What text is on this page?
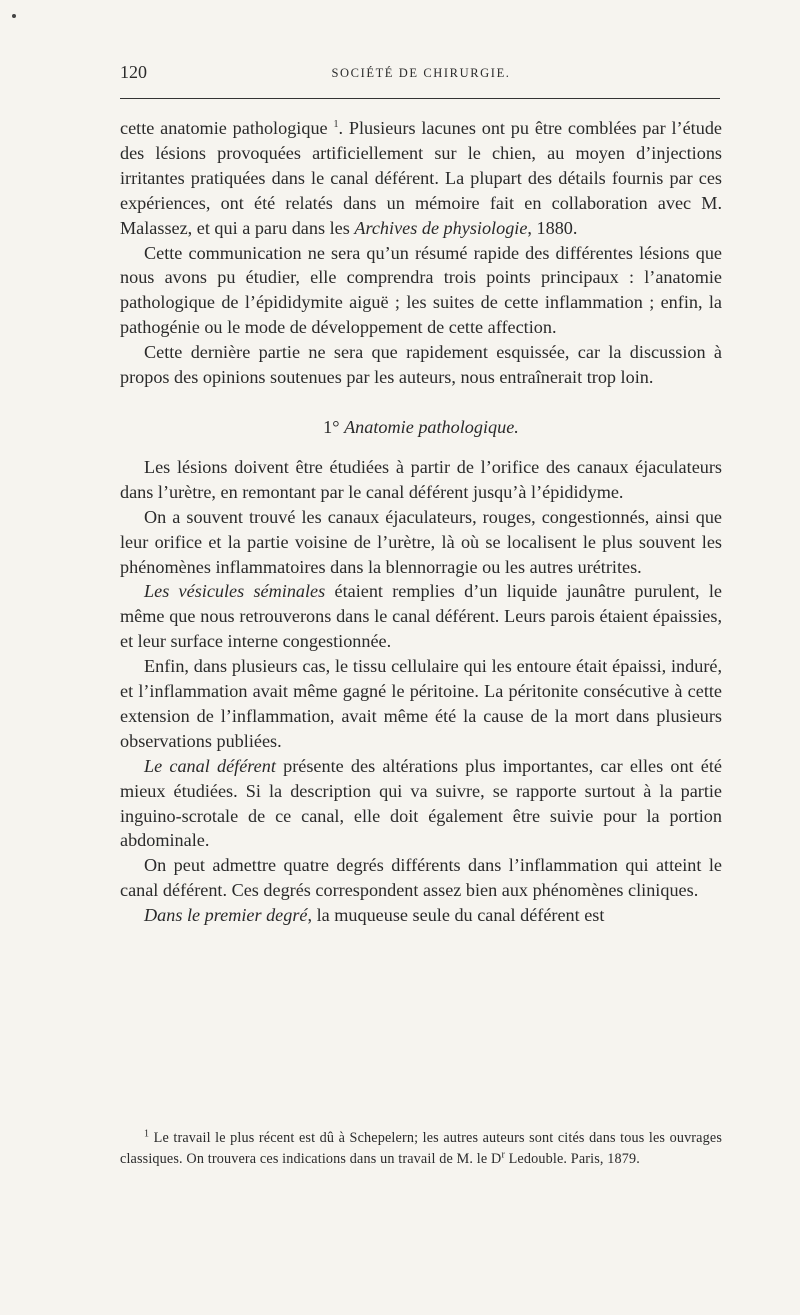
120	SOCIÉTÉ DE CHIRURGIE.

cette anatomie pathologique $^1$. Plusieurs lacunes ont pu être comblées par l’étude des lésions provoquées artificiellement sur le chien, au moyen d’injections irritantes pratiquées dans le canal déférent. La plupart des détails fournis par ces expériences, ont été relatés dans un mémoire fait en collaboration avec M. Malassez, et qui a paru dans les Archives de physiologie, 1880.

Cette communication ne sera qu’un résumé rapide des différentes lésions que nous avons pu étudier, elle comprendra trois points principaux : l’anatomie pathologique de l’épididymite aiguë ; les suites de cette inflammation ; enfin, la pathogénie ou le mode de développement de cette affection.

Cette dernière partie ne sera que rapidement esquissée, car la discussion à propos des opinions soutenues par les auteurs, nous entraînerait trop loin.

1° Anatomie pathologique.

Les lésions doivent être étudiées à partir de l’orifice des canaux éjaculateurs dans l’urètre, en remontant par le canal déférent jusqu’à l’épididyme.

On a souvent trouvé les canaux éjaculateurs, rouges, congestionnés, ainsi que leur orifice et la partie voisine de l’urètre, là où se localisent le plus souvent les phénomènes inflammatoires dans la blennorragie ou les autres urétrites.

Les vésicules séminales étaient remplies d’un liquide jaunâtre purulent, le même que nous retrouverons dans le canal déférent. Leurs parois étaient épaissies, et leur surface interne congestionnée.

Enfin, dans plusieurs cas, le tissu cellulaire qui les entoure était épaissi, induré, et l’inflammation avait même gagné le péritoine. La péritonite consécutive à cette extension de l’inflammation, avait même été la cause de la mort dans plusieurs observations publiées.

Le canal déférent présente des altérations plus importantes, car elles ont été mieux étudiées. Si la description qui va suivre, se rapporte surtout à la partie inguino-scrotale de ce canal, elle doit également être suivie pour la portion abdominale.

On peut admettre quatre degrés différents dans l’inflammation qui atteint le canal déférent. Ces degrés correspondent assez bien aux phénomènes cliniques.

Dans le premier degré, la muqueuse seule du canal déférent est

$^1$ Le travail le plus récent est dû à Schepelern; les autres auteurs sont cités dans tous les ouvrages classiques. On trouvera ces indications dans un travail de M. le $D^r$ Ledouble. Paris, 1879.
